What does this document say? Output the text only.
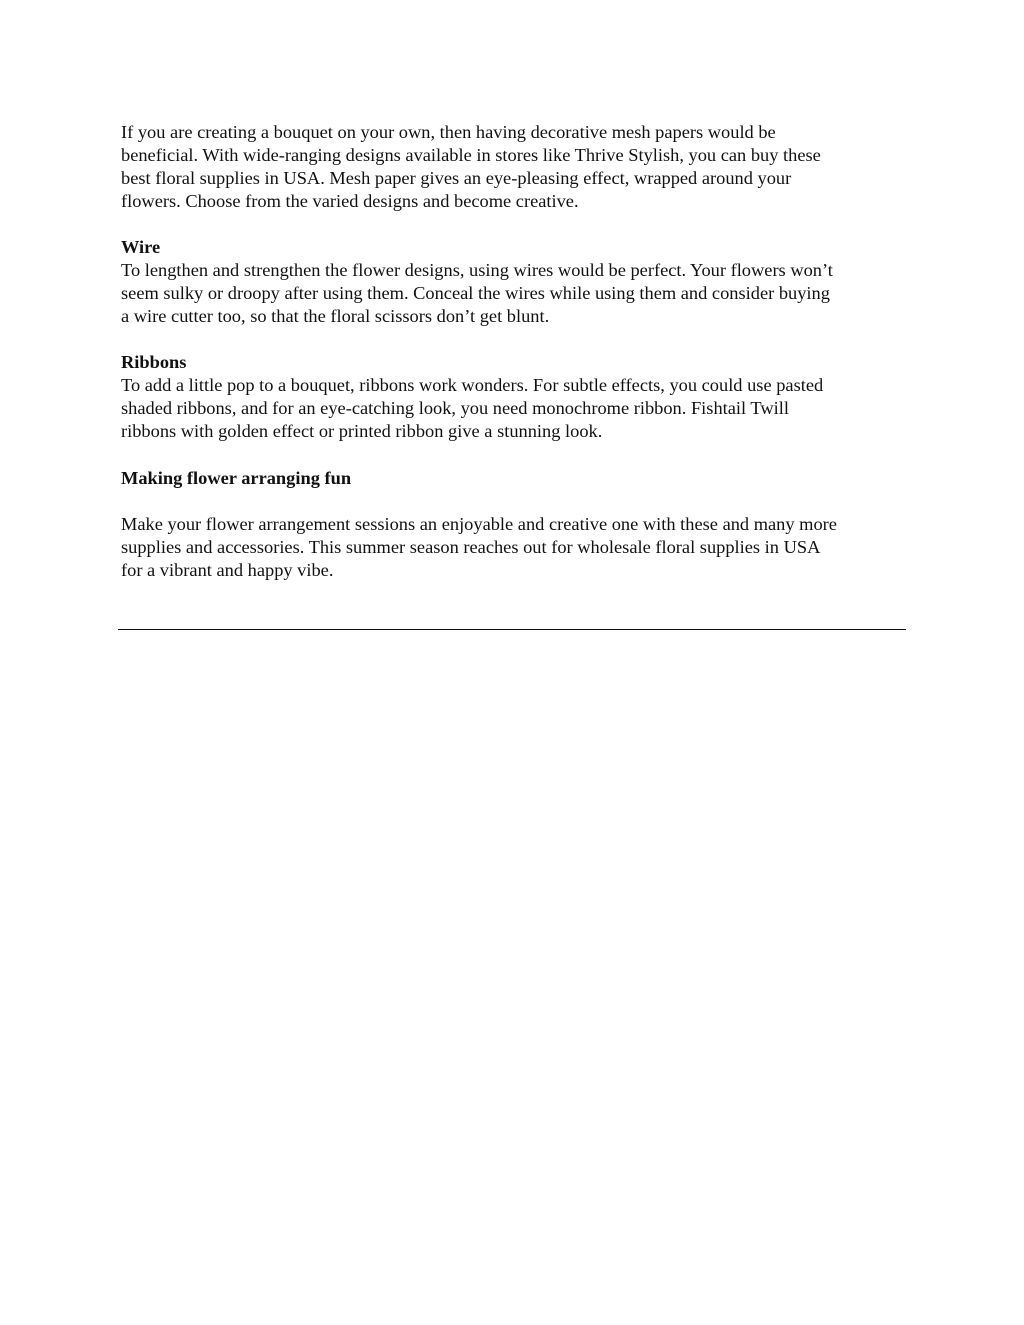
If you are creating a bouquet on your own, then having decorative mesh papers would be
beneficial. With wide-ranging designs available in stores like Thrive Stylish, you can buy these
best floral supplies in USA. Mesh paper gives an eye-pleasing effect, wrapped around your
flowers. Choose from the varied designs and become creative.
Wire
To lengthen and strengthen the flower designs, using wires would be perfect. Your flowers won’t
seem sulky or droopy after using them. Conceal the wires while using them and consider buying
a wire cutter too, so that the floral scissors don’t get blunt.
Ribbons
To add a little pop to a bouquet, ribbons work wonders. For subtle effects, you could use pasted
shaded ribbons, and for an eye-catching look, you need monochrome ribbon. Fishtail Twill
ribbons with golden effect or printed ribbon give a stunning look.
Making flower arranging fun
Make your flower arrangement sessions an enjoyable and creative one with these and many more
supplies and accessories. This summer season reaches out for wholesale floral supplies in USA
for a vibrant and happy vibe.
